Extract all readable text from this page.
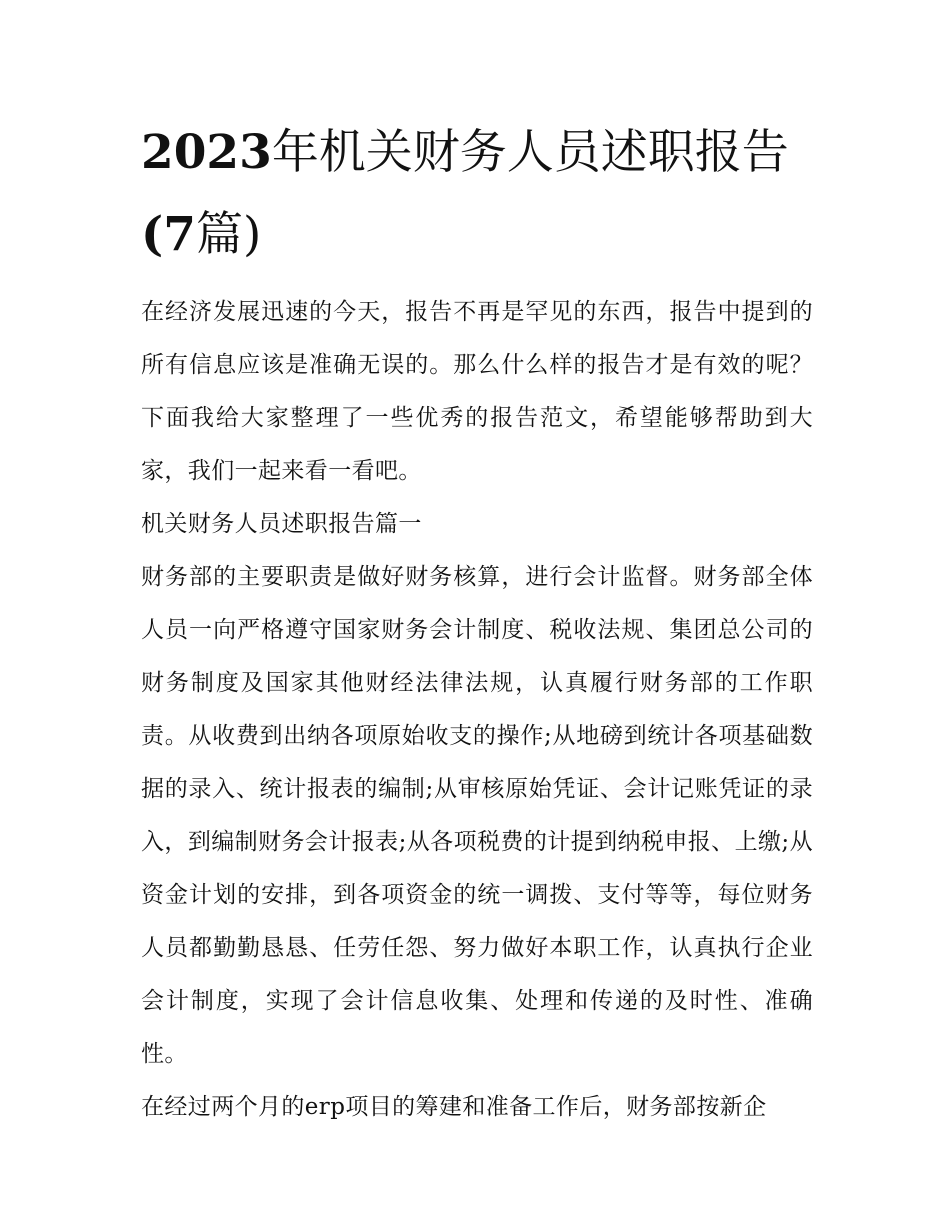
2023年机关财务人员述职报告
(7篇)

在经济发展迅速的今天，报告不再是罕见的东西，报告中提到的所有信息应该是准确无误的。那么什么样的报告才是有效的呢？下面我给大家整理了一些优秀的报告范文，希望能够帮助到大家，我们一起来看一看吧。

机关财务人员述职报告篇一

财务部的主要职责是做好财务核算，进行会计监督。财务部全体人员一向严格遵守国家财务会计制度、税收法规、集团总公司的财务制度及国家其他财经法律法规，认真履行财务部的工作职责。从收费到出纳各项原始收支的操作;从地磅到统计各项基础数据的录入、统计报表的编制;从审核原始凭证、会计记账凭证的录入，到编制财务会计报表;从各项税费的计提到纳税申报、上缴;从资金计划的安排，到各项资金的统一调拨、支付等等，每位财务人员都勤勤恳恳、任劳任怨、努力做好本职工作，认真执行企业会计制度，实现了会计信息收集、处理和传递的及时性、准确性。

在经过两个月的erp项目的筹建和准备工作后，财务部按新企
